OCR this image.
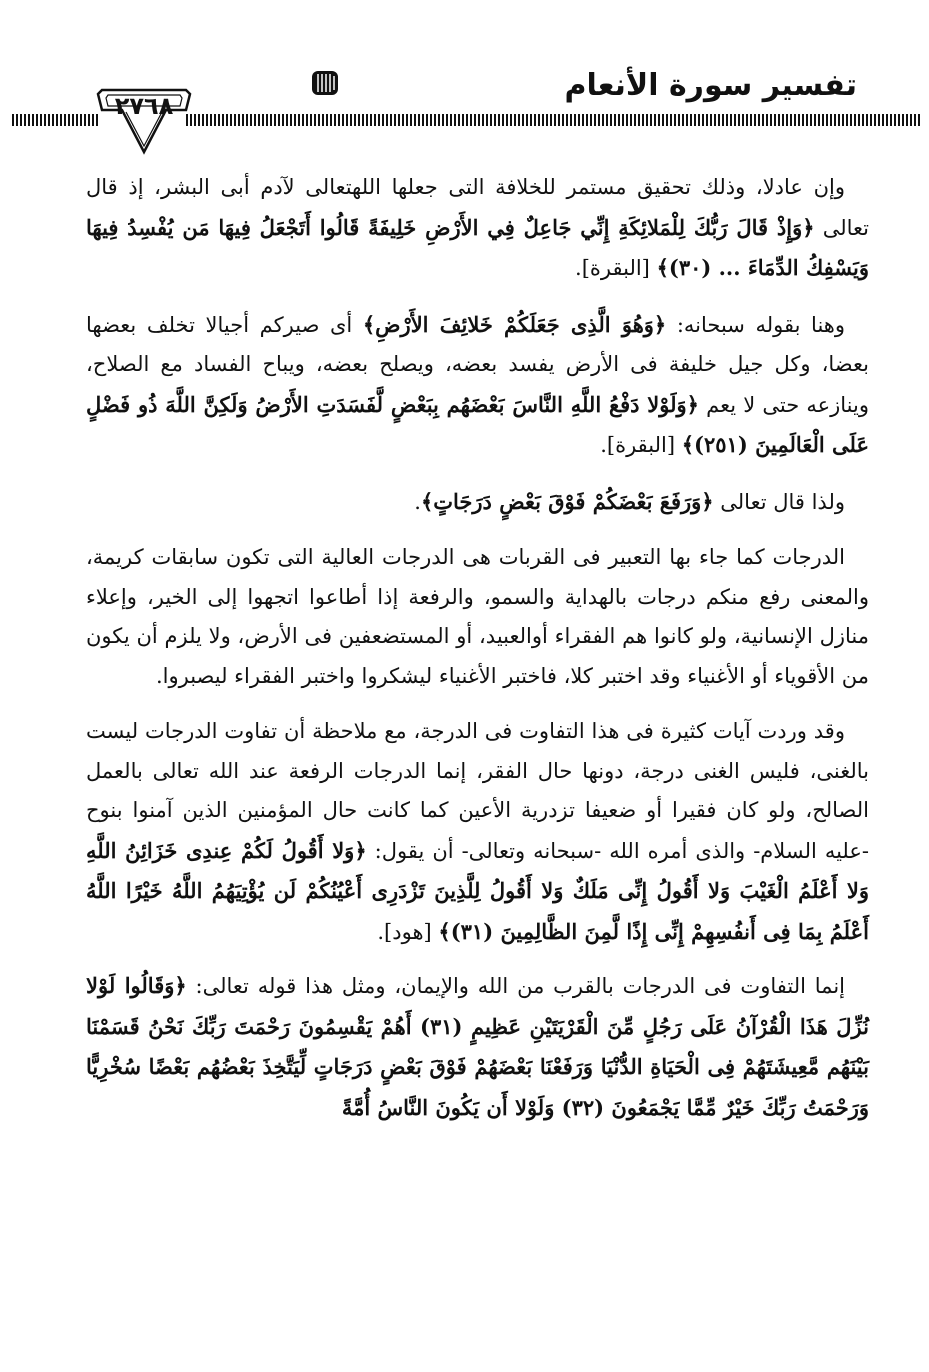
تفسير سورة الأنعام
٢٧٦٨

وإن عادلا، وذلك تحقيق مستمر للخلافة التى جعلها اللهتعالى لآدم أبى البشر، إذ قال تعالى ﴿وَإِذْ قَالَ رَبُّكَ لِلْمَلائِكَةِ إِنِّي جَاعِلٌ فِي الأَرْضِ خَلِيفَةً قَالُوا أَتَجْعَلُ فِيهَا مَن يُفْسِدُ فِيهَا وَيَسْفِكُ الدِّمَاءَ ... (٣٠)﴾ [البقرة].

وهنا بقوله سبحانه: ﴿وَهُوَ الَّذِى جَعَلَكُمْ خَلائِفَ الأَرْضِ﴾ أى صيركم أجيالا تخلف بعضها بعضا، وكل جيل خليفة فى الأرض يفسد بعضه، ويصلح بعضه، ويباح الفساد مع الصلاح، وينازعه حتى لا يعم ﴿وَلَوْلا دَفْعُ اللَّهِ النَّاسَ بَعْضَهُم بِبَعْضٍ لَّفَسَدَتِ الأَرْضُ وَلَكِنَّ اللَّهَ ذُو فَضْلٍ عَلَى الْعَالَمِينَ (٢٥١)﴾ [البقرة].

ولذا قال تعالى ﴿وَرَفَعَ بَعْضَكُمْ فَوْقَ بَعْضٍ دَرَجَاتٍ﴾.

الدرجات كما جاء بها التعبير فى القربات هى الدرجات العالية التى تكون سابقات كريمة، والمعنى رفع منكم درجات بالهداية والسمو، والرفعة إذا أطاعوا اتجهوا إلى الخير، وإعلاء منازل الإنسانية، ولو كانوا هم الفقراء أوالعبيد، أو المستضعفين فى الأرض، ولا يلزم أن يكون من الأقوياء أو الأغنياء وقد اختبر كلا، فاختبر الأغنياء ليشكروا واختبر الفقراء ليصبروا.

وقد وردت آيات كثيرة فى هذا التفاوت فى الدرجة، مع ملاحظة أن تفاوت الدرجات ليست بالغنى، فليس الغنى درجة، دونها حال الفقر، إنما الدرجات الرفعة عند الله تعالى بالعمل الصالح، ولو كان فقيرا أو ضعيفا تزدرية الأعين كما كانت حال المؤمنين الذين آمنوا بنوح -عليه السلام- والذى أمره الله -سبحانه وتعالى- أن يقول: ﴿وَلا أَقُولُ لَكُمْ عِندِى خَزَائِنُ اللَّهِ وَلا أَعْلَمُ الْغَيْبَ وَلا أَقُولُ إِنِّى مَلَكٌ وَلا أَقُولُ لِلَّذِينَ تَزْدَرِى أَعْيُنُكُمْ لَن يُؤْتِيَهُمُ اللَّهُ خَيْرًا اللَّهُ أَعْلَمُ بِمَا فِى أَنفُسِهِمْ إِنِّى إِذًا لَّمِنَ الظَّالِمِينَ (٣١)﴾ [هود].

إنما التفاوت فى الدرجات بالقرب من الله والإيمان، ومثل هذا قوله تعالى: ﴿وَقَالُوا لَوْلا نُزِّلَ هَذَا الْقُرْآنُ عَلَى رَجُلٍ مِّنَ الْقَرْيَتَيْنِ عَظِيمٍ (٣١) أَهُمْ يَقْسِمُونَ رَحْمَتَ رَبِّكَ نَحْنُ قَسَمْنَا بَيْنَهُم مَّعِيشَتَهُمْ فِى الْحَيَاةِ الدُّنْيَا وَرَفَعْنَا بَعْضَهُمْ فَوْقَ بَعْضٍ دَرَجَاتٍ لِّيَتَّخِذَ بَعْضُهُم بَعْضًا سُخْرِيًّا وَرَحْمَتُ رَبِّكَ خَيْرٌ مِّمَّا يَجْمَعُونَ (٣٢) وَلَوْلا أَن يَكُونَ النَّاسُ أُمَّةً
